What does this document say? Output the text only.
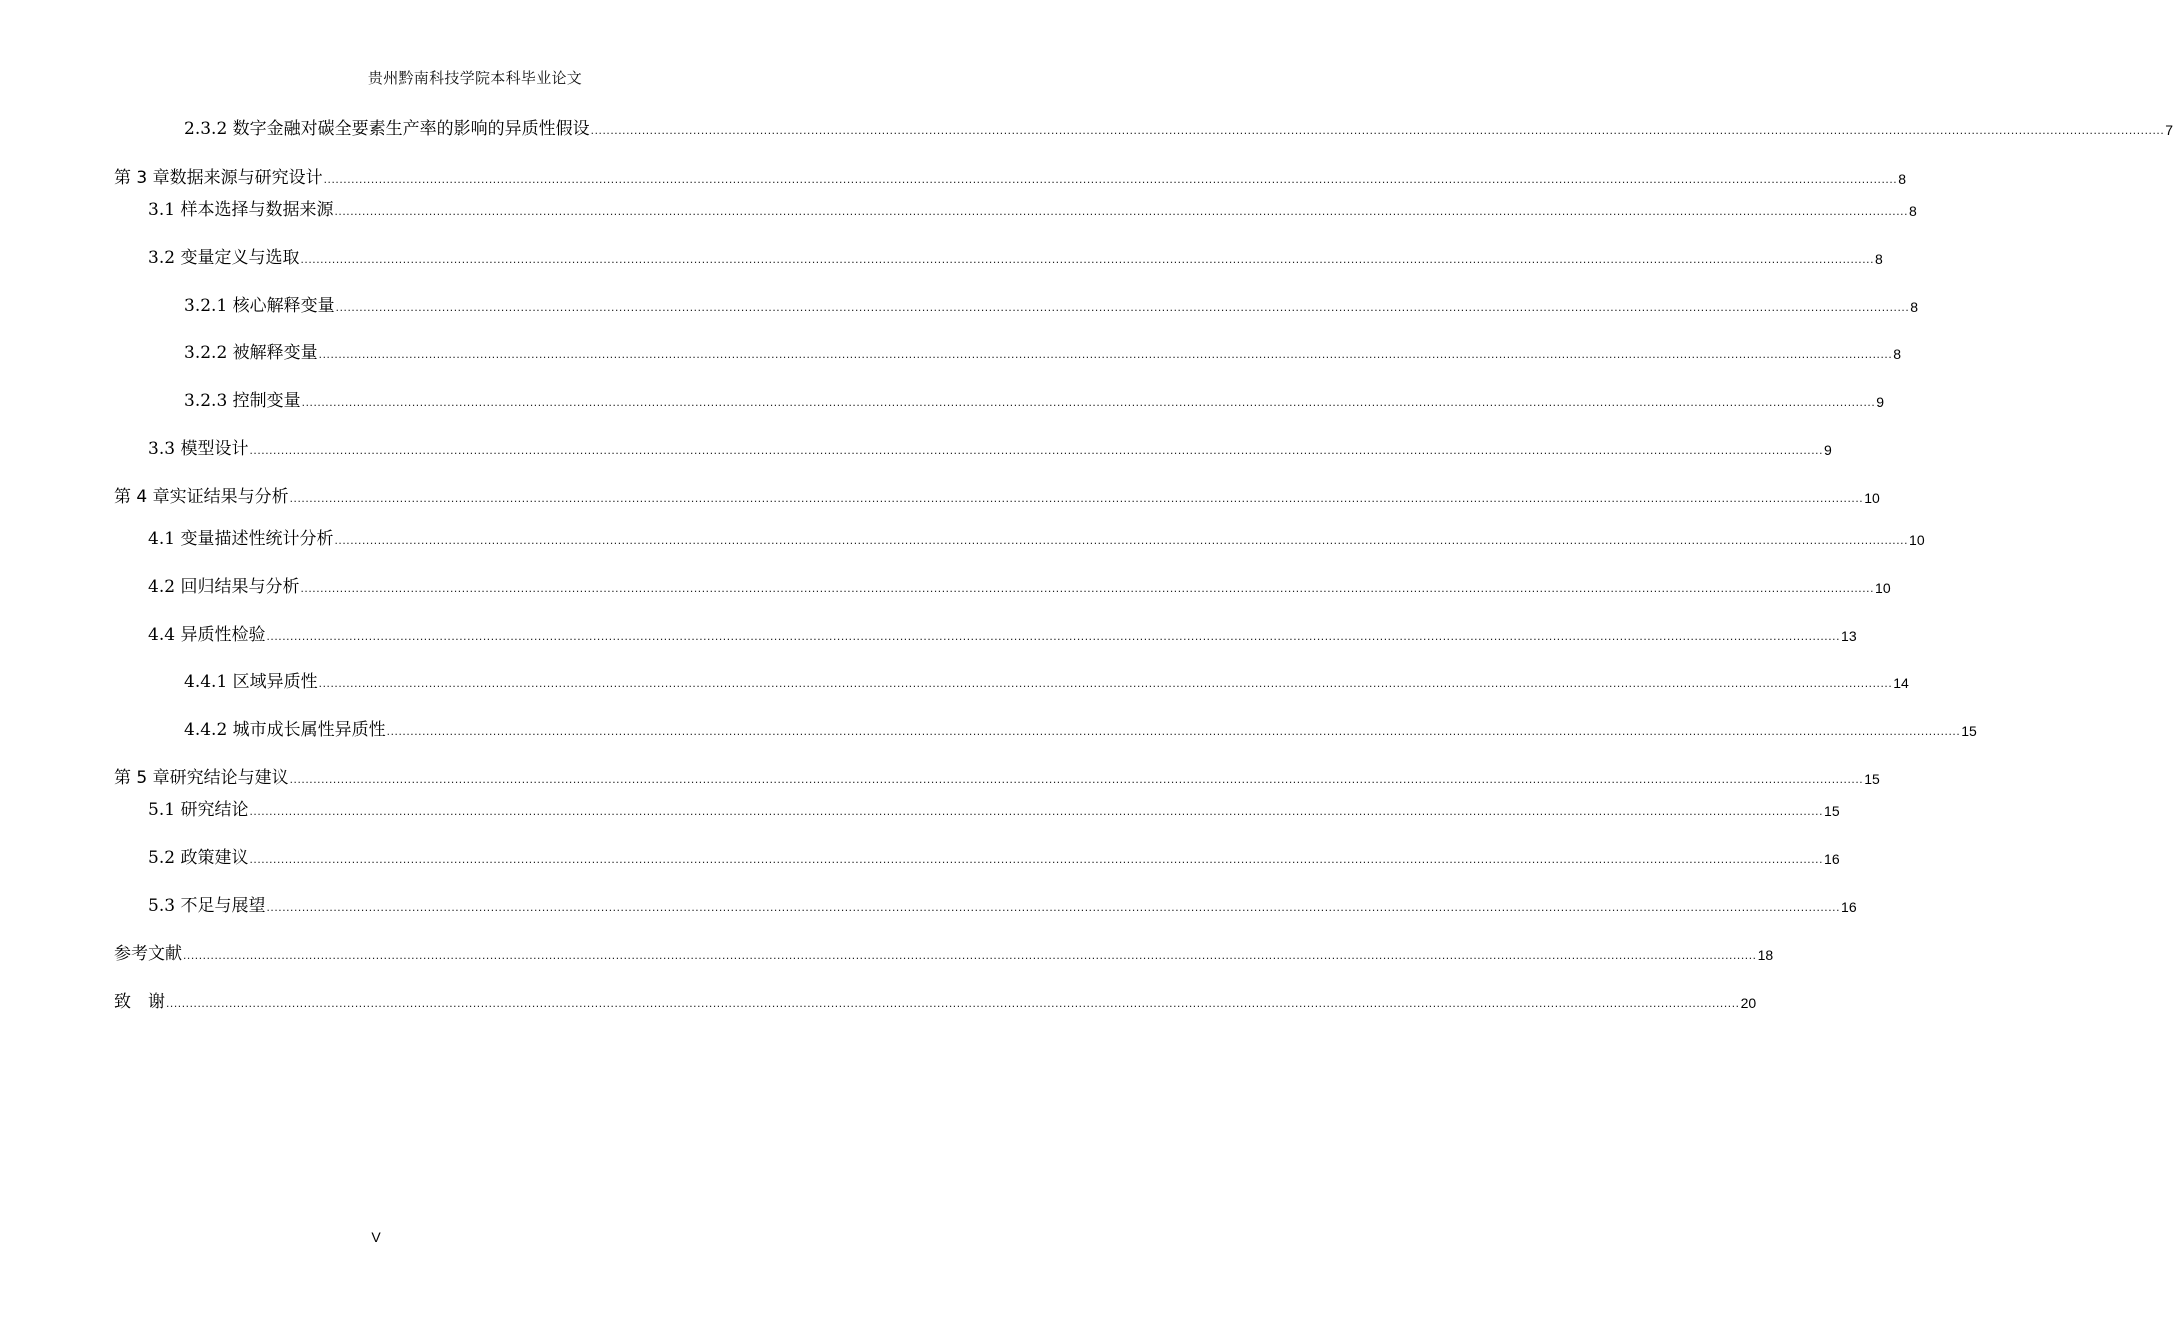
贵州黔南科技学院本科毕业论文
2.3.2 数字金融对碳全要素生产率的影响的异质性假设 ................................................................................................................................................................................................................................................................................................................................................................................................................ 7
第 3 章数据来源与研究设计 ................................................................................................................................................................................................................................................................................................................................................................................................................ 8
3.1 样本选择与数据来源 ................................................................................................................................................................................................................................................................................................................................................................................................................ 8
3.2 变量定义与选取 ................................................................................................................................................................................................................................................................................................................................................................................................................ 8
3.2.1 核心解释变量 ................................................................................................................................................................................................................................................................................................................................................................................................................ 8
3.2.2 被解释变量 ................................................................................................................................................................................................................................................................................................................................................................................................................ 8
3.2.3 控制变量 ................................................................................................................................................................................................................................................................................................................................................................................................................ 9
3.3 模型设计 ................................................................................................................................................................................................................................................................................................................................................................................................................ 9
第 4 章实证结果与分析 ................................................................................................................................................................................................................................................................................................................................................................................................................ 10
4.1 变量描述性统计分析 ................................................................................................................................................................................................................................................................................................................................................................................................................ 10
4.2 回归结果与分析 ................................................................................................................................................................................................................................................................................................................................................................................................................ 10
4.4 异质性检验 ................................................................................................................................................................................................................................................................................................................................................................................................................ 13
4.4.1 区域异质性 ................................................................................................................................................................................................................................................................................................................................................................................................................ 14
4.4.2 城市成长属性异质性 ................................................................................................................................................................................................................................................................................................................................................................................................................ 15
第 5 章研究结论与建议 ................................................................................................................................................................................................................................................................................................................................................................................................................ 15
5.1 研究结论 ................................................................................................................................................................................................................................................................................................................................................................................................................ 15
5.2 政策建议 ................................................................................................................................................................................................................................................................................................................................................................................................................ 16
5.3 不足与展望 ................................................................................................................................................................................................................................................................................................................................................................................................................ 16
参考文献 ................................................................................................................................................................................................................................................................................................................................................................................................................ 18
致　谢 ................................................................................................................................................................................................................................................................................................................................................................................................................ 20
V
